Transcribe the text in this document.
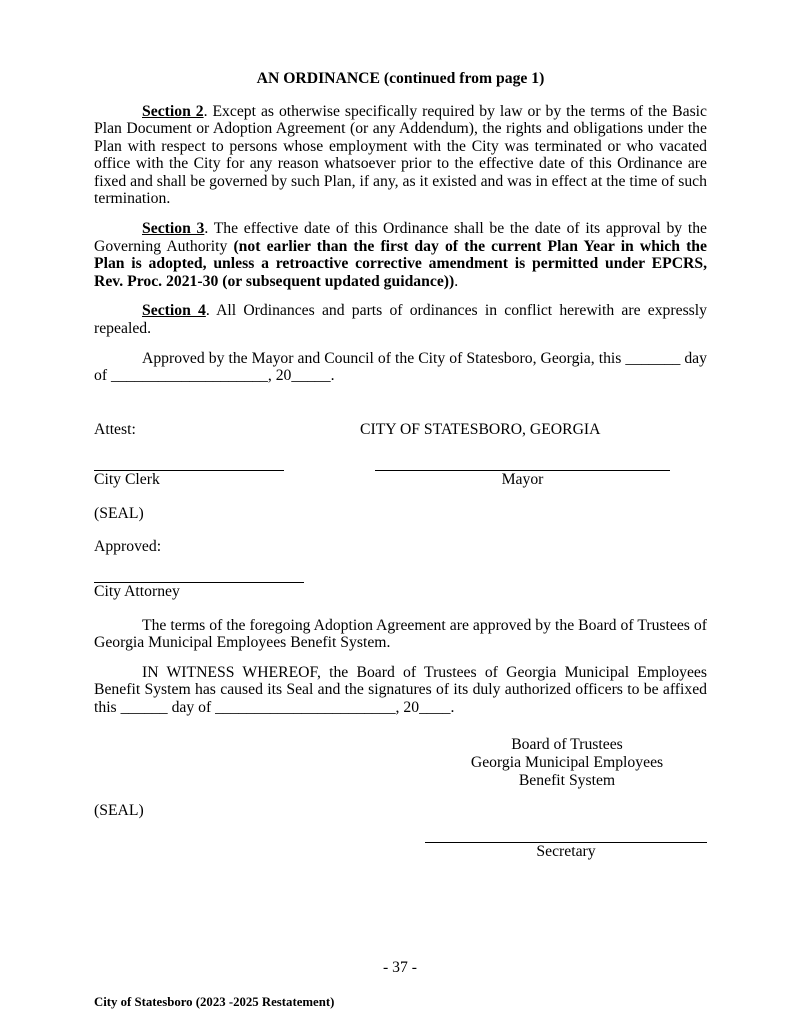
AN ORDINANCE (continued from page 1)

Section 2. Except as otherwise specifically required by law or by the terms of the Basic Plan Document or Adoption Agreement (or any Addendum), the rights and obligations under the Plan with respect to persons whose employment with the City was terminated or who vacated office with the City for any reason whatsoever prior to the effective date of this Ordinance are fixed and shall be governed by such Plan, if any, as it existed and was in effect at the time of such termination.

Section 3. The effective date of this Ordinance shall be the date of its approval by the Governing Authority (not earlier than the first day of the current Plan Year in which the Plan is adopted, unless a retroactive corrective amendment is permitted under EPCRS, Rev. Proc. 2021-30 (or subsequent updated guidance)).

Section 4. All Ordinances and parts of ordinances in conflict herewith are expressly repealed.

Approved by the Mayor and Council of the City of Statesboro, Georgia, this _______ day of ____________________, 20_____.

Attest:	CITY OF STATESBORO, GEORGIA
City Clerk	Mayor

(SEAL)

Approved:

City Attorney

The terms of the foregoing Adoption Agreement are approved by the Board of Trustees of Georgia Municipal Employees Benefit System.

IN WITNESS WHEREOF, the Board of Trustees of Georgia Municipal Employees Benefit System has caused its Seal and the signatures of its duly authorized officers to be affixed this ______ day of _______________________, 20____.

Board of Trustees
Georgia Municipal Employees
Benefit System

(SEAL)

Secretary
- 37 -
City of Statesboro (2023 -2025 Restatement)
